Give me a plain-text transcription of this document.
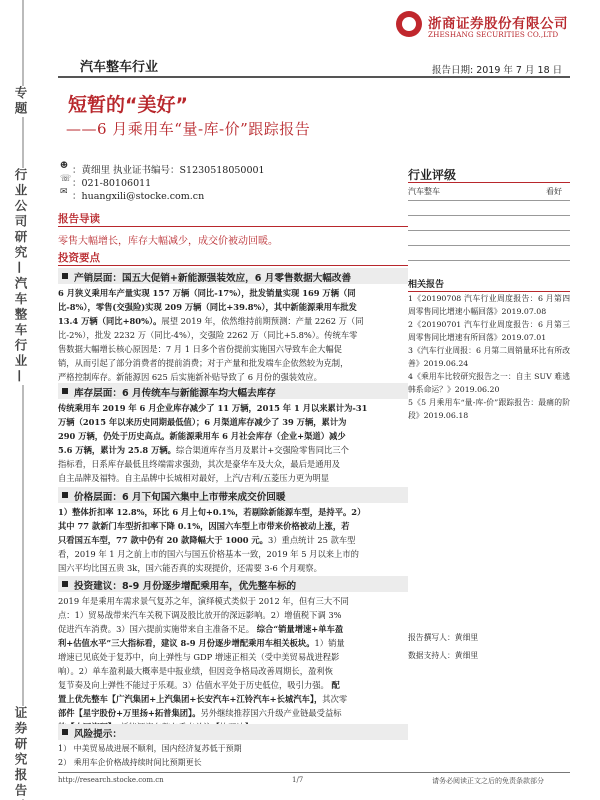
浙商证券股份有限公司
ZHESHANG SECURITIES CO.,LTD
汽车整车行业	报告日期: 2019 年 7 月 18 日
专题
行业公司研究—汽车整车行业—
证券研究报告
短暂的“美好”
——6 月乘用车“量-库-价”跟踪报告
☻
☏
✉
：黄细里 执业证书编号：S1230518050001
：021-80106011
：huangxili@stocke.com.cn
报告导读
零售大幅增长，库存大幅减少，成交价被动回暖。
投资要点
产销层面：国五大促销+新能源强装效应，6 月零售数据大幅改善
6 月狭义乘用车产量实现 157 万辆（同比-17%），批发销量实现 169 万辆（同
比-8%），零售(交强险)实现 209 万辆（同比+39.8%），其中新能源乘用车批发
13.4 万辆（同比+80%）。展望 2019 年，依然维持前期预测：产量 2262 万（同
比-2%），批发 2232 万（同比-4%），交强险 2262 万（同比+5.8%）。传统车零
售数据大幅增长核心原因是：7 月 1 日多个省份提前实施国六导致车企大幅促
销，从而引起了部分消费者的提前消费；对于产量和批发端车企依然较为克制，
严格控制库存。新能源因 625 后实施新补贴导致了 6 月份的强装效应。
库存层面：6 月传统车与新能源车均大幅去库存
传统乘用车 2019 年 6 月企业库存减少了 11 万辆，2015 年 1 月以来累计为-31
万辆（2015 年以来历史同期最低值）；6 月渠道库存减少了 39 万辆，累计为
290 万辆，仍处于历史高点。新能源乘用车 6 月社会库存（企业+渠道）减少
5.6 万辆，累计为 25.8 万辆。综合渠道库存当月及累计+交强险零售同比三个
指标看，日系库存最低且终端需求强劲，其次是豪华车及大众，最后是通用及
自主品牌及福特。自主品牌中长城相对最好，上汽/吉利/五菱压力更为明显
价格层面：6 月下旬国六集中上市带来成交价回暖
1）整体折扣率 12.8%，环比 6 月上旬+0.1%，若剔除新能源车型，是持平。2）
其中 77 款新门车型折扣率下降 0.1%，因国六车型上市带来价格被动上涨，若
只看国五车型，77 款中仍有 20 款降幅大于 1000 元。3）重点统计 25 款车型
看，2019 年 1 月之前上市的国六与国五价格基本一致，2019 年 5 月以来上市的
国六平均比国五贵 3k，国六能否真的实现提价，还需要 3-6 个月观察。
投资建议：8-9 月份逐步增配乘用车，优先整车标的
2019 年是乘用车需求景气复苏之年，演绎模式类似于 2012 年，但有三大不同
点：1）贸易战带来汽车关税下调及股比放开的深远影响。2）增值税下调 3%
促进汽车消费。3）国六提前实施带来自主准备不足。 综合“销量增速+单车盈
利+估值水平”三大指标看，建议 8-9 月份逐步增配乘用车相关板块。1）销量
增速已见底处于复苏中，向上弹性与 GDP 增速正相关（受中美贸易战进程影
响）。2）单车盈利最大概率是中报业绩，但因竞争格局改善周期长，盈利恢
复节奏及向上弹性不能过于乐观。3）估值水平处于历史低位，吸引力强。 配
置上优先整车【广汽集团+上汽集团+长安汽车+江铃汽车+长城汽车】，其次零
部件【星宇股份+万里扬+拓普集团】。另外继续推荐国六升级产业链最受益标
风险提示：
1） 中美贸易战进展不顺利，国内经济复苏低于预期
2） 乘用车企价格战持续时间比预期更长
行业评级
汽车整车	看好
相关报告
1《20190708 汽车行业周度报告：6 月第四周零售同比增速小幅回落》2019.07.08
2《20190701 汽车行业周度报告：6 月第三周零售同比增速有所回落》2019.07.01
3《汽车行业周报：6 月第二周销量环比有所改善》2019.06.24
4《乘用车比较研究报告之一：自主 SUV 难逃韩系命运？》2019.06.20
5《5 月乘用车“量-库-价”跟踪报告：最痛的阶段》2019.06.18
报告撰写人：黄细里
数据支持人：黄细里
http://research.stocke.com.cn	1/7	请务必阅读正文之后的免责条款部分
